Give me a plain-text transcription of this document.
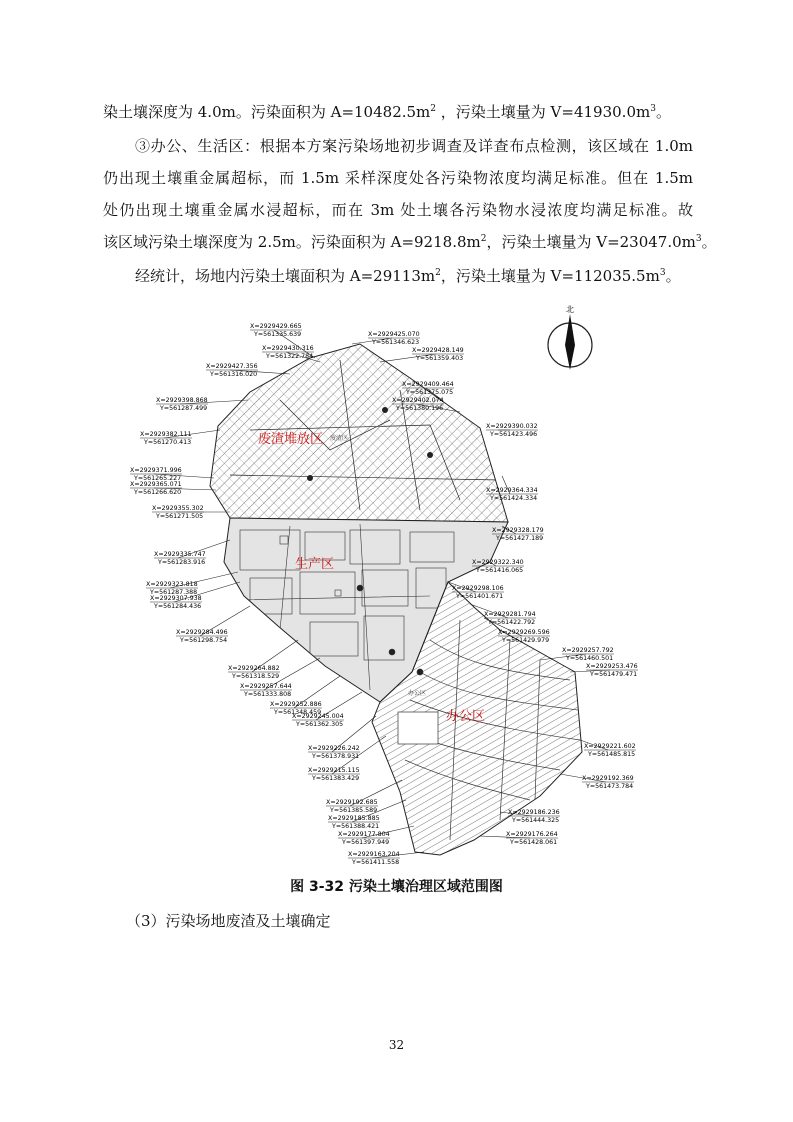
染土壤深度为 4.0m。污染面积为 $A=10482.5m^2$ ，污染土壤量为 $V=41930.0m^3$。
③办公、生活区：根据本方案污染场地初步调查及详查布点检测，该区域在 1.0m
仍出现土壤重金属超标，而 1.5m 采样深度处各污染物浓度均满足标准。但在 1.5m
处仍出现土壤重金属水浸超标，而在 3m 处土壤各污染物水浸浓度均满足标准。故
该区域污染土壤深度为 2.5m。污染面积为 $A=9218.8m^2$，污染土壤量为 $V=23047.0m^3$。
经统计，场地内污染土壤面积为 $A=29113m^2$，污染土壤量为 $V=112035.5m^3$。
北
废渣堆放区 废渣区
生产区
办公区
办公区
X=2929429.665
Y=561335.639
X=2929430.316
Y=561322.784
X=2929427.356
Y=561316.020
X=2929398.868
Y=561287.499
X=2929382.111
Y=561270.413
X=2929371.996
Y=561265.227
X=2929365.071
Y=561266.620
X=2929355.302
Y=561271.505
X=2929335.747
Y=561283.916
X=2929323.818
Y=561287.388
X=2929307.938
Y=561284.436
X=2929284.496
Y=561298.754
X=2929264.882
Y=561318.529
X=2929257.644
Y=561333.808
X=2929252.886
Y=561348.459
X=2929245.004
Y=561362.305
X=2929226.242
Y=561378.931
X=2929215.115
Y=561383.429
X=2929192.685
Y=561385.589
X=2929185.885
Y=561388.421
X=2929177.804
Y=561397.949
X=2929163.204
Y=561411.558
X=2929425.070
Y=561346.623
X=2929428.149
Y=561359.403
X=2929409.464
Y=561375.075
X=2929402.074
Y=561380.196
X=2929390.032
Y=561423.496
X=2929364.334
Y=561424.334
X=2929328.179
Y=561427.189
X=2929322.340
Y=561416.065
X=2929298.106
Y=561401.671
X=2929281.794
Y=561422.792
X=2929269.596
Y=561429.979
X=2929257.792
Y=561460.501
X=2929253.476
Y=561479.471
X=2929221.602
Y=561485.815
X=2929192.369
Y=561473.784
X=2929186.236
Y=561444.325
X=2929176.264
Y=561428.061
图 3-32 污染土壤治理区域范围图
（3）污染场地废渣及土壤确定
32
